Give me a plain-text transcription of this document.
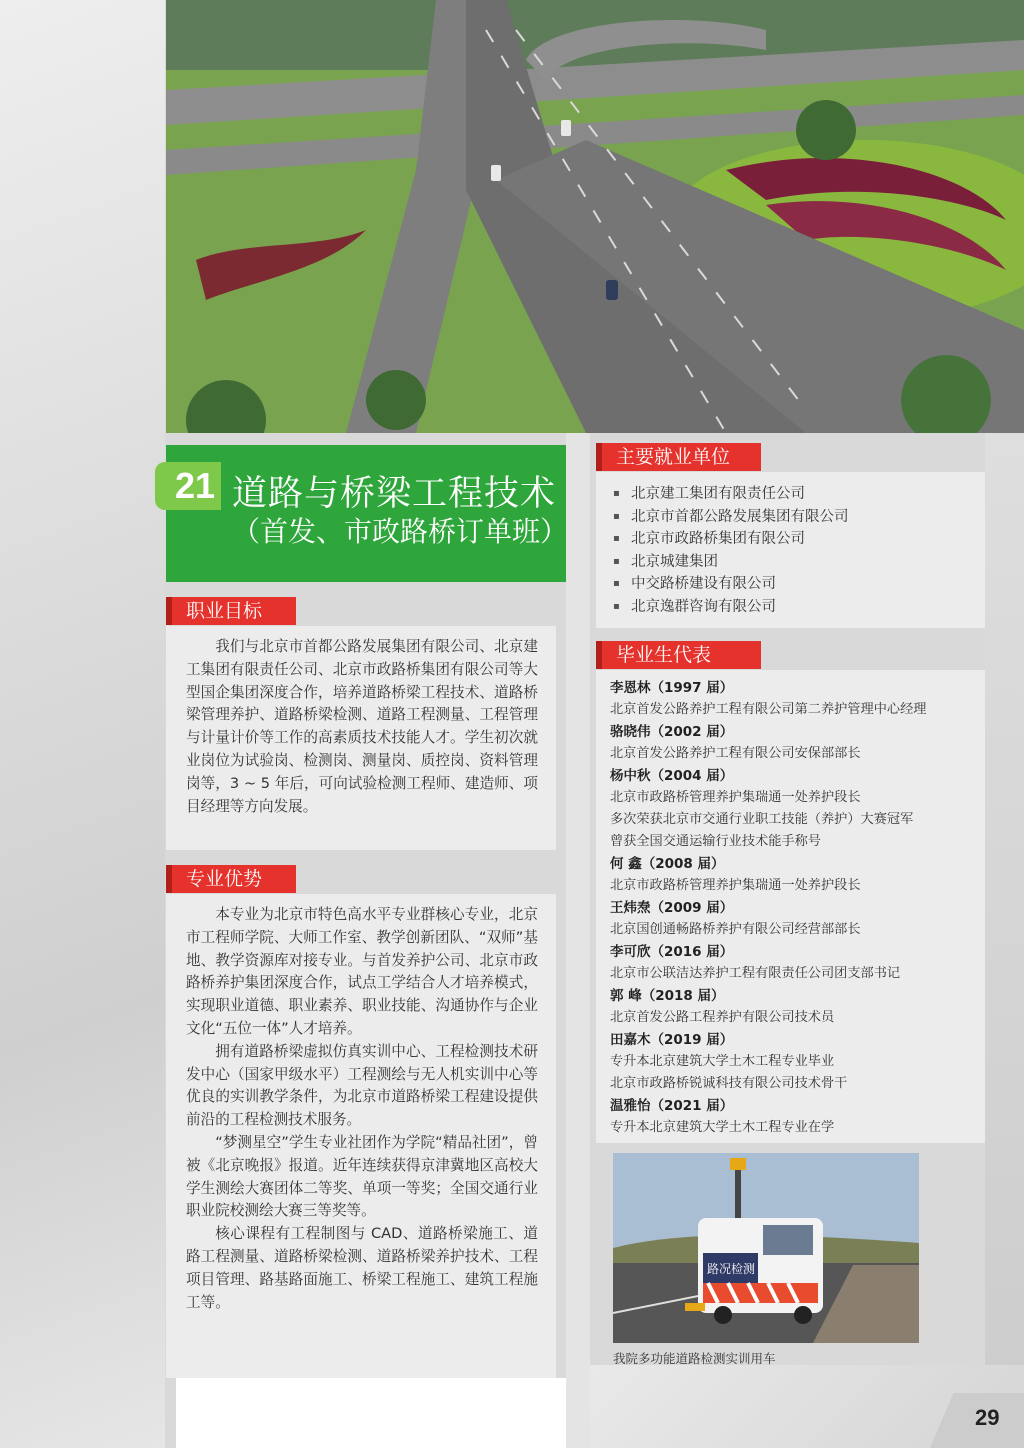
21 道路与桥梁工程技术
（首发、市政路桥订单班）
职业目标

我们与北京市首都公路发展集团有限公司、北京建工集团有限责任公司、北京市政路桥集团有限公司等大型国企集团深度合作，培养道路桥梁工程技术、道路桥梁管理养护、道路桥梁检测、道路工程测量、工程管理与计量计价等工作的高素质技术技能人才。学生初次就业岗位为试验岗、检测岗、测量岗、质控岗、资料管理岗等，3 ~ 5 年后，可向试验检测工程师、建造师、项目经理等方向发展。

专业优势

本专业为北京市特色高水平专业群核心专业，北京市工程师学院、大师工作室、教学创新团队、“双师”基地、教学资源库对接专业。与首发养护公司、北京市政路桥养护集团深度合作，试点工学结合人才培养模式，实现职业道德、职业素养、职业技能、沟通协作与企业文化“五位一体”人才培养。

拥有道路桥梁虚拟仿真实训中心、工程检测技术研发中心（国家甲级水平）工程测绘与无人机实训中心等优良的实训教学条件，为北京市道路桥梁工程建设提供前沿的工程检测技术服务。

“梦测星空”学生专业社团作为学院“精品社团”，曾被《北京晚报》报道。近年连续获得京津冀地区高校大学生测绘大赛团体二等奖、单项一等奖；全国交通行业职业院校测绘大赛三等奖等。

核心课程有工程制图与 CAD、道路桥梁施工、道路工程测量、道路桥梁检测、道路桥梁养护技术、工程项目管理、路基路面施工、桥梁工程施工、建筑工程施工等。

主要就业单位
▪ 北京建工集团有限责任公司
▪ 北京市首都公路发展集团有限公司
▪ 北京市政路桥集团有限公司
▪ 北京城建集团
▪ 中交路桥建设有限公司
▪ 北京逸群咨询有限公司
毕业生代表
李恩林（1997 届）
北京首发公路养护工程有限公司第二养护管理中心经理
骆晓伟（2002 届）
北京首发公路养护工程有限公司安保部部长
杨中秋（2004 届）
北京市政路桥管理养护集瑞通一处养护段长
多次荣获北京市交通行业职工技能（养护）大赛冠军
曾获全国交通运输行业技术能手称号
何 鑫（2008 届）
北京市政路桥管理养护集瑞通一处养护段长
王炜焘（2009 届）
北京国创通畅路桥养护有限公司经营部部长
李可欣（2016 届）
北京市公联洁达养护工程有限责任公司团支部书记
郭 峰（2018 届）
北京首发公路工程养护有限公司技术员
田嘉木（2019 届）
专升本北京建筑大学土木工程专业毕业
北京市政路桥锐诚科技有限公司技术骨干
温雅怡（2021 届）
专升本北京建筑大学土木工程专业在学
路况检测
我院多功能道路检测实训用车
29
